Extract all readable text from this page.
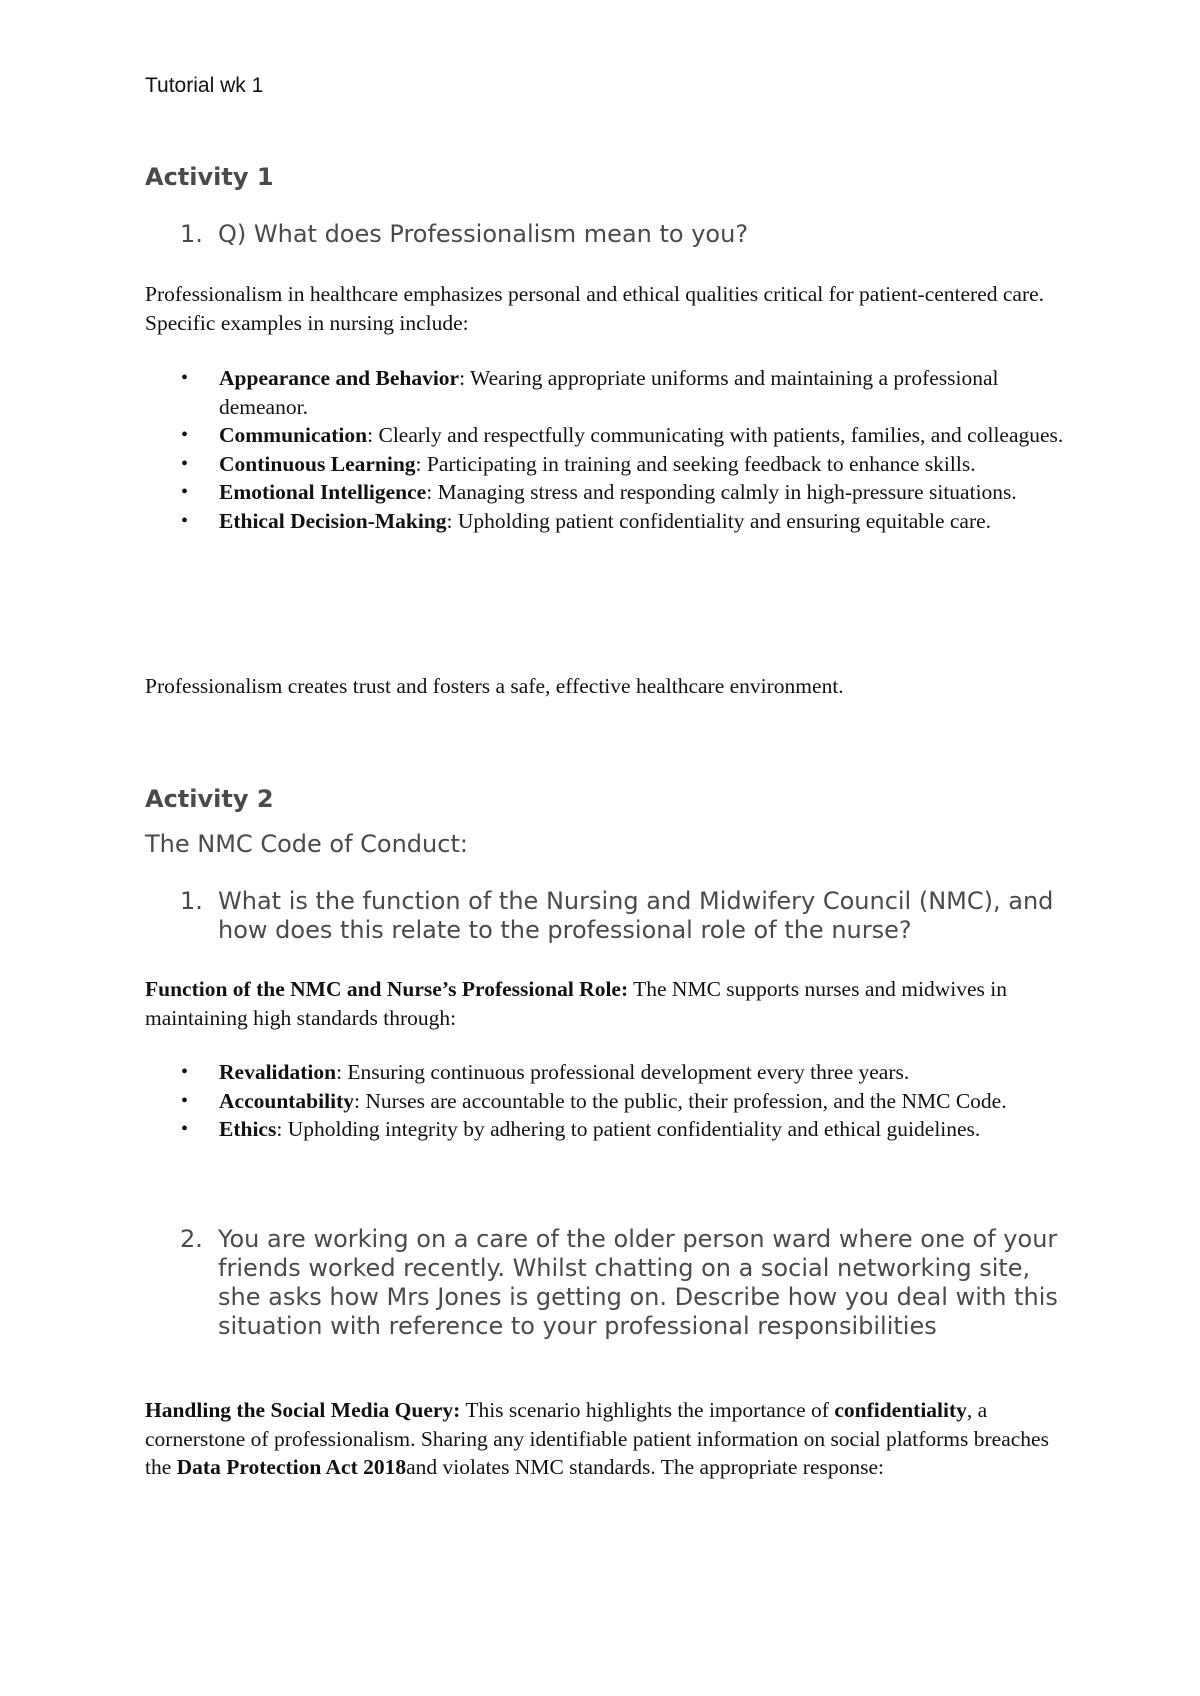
Tutorial wk 1
Activity 1
1. Q) What does Professionalism mean to you?

Professionalism in healthcare emphasizes personal and ethical qualities critical for patient-centered care. Specific examples in nursing include:

• Appearance and Behavior: Wearing appropriate uniforms and maintaining a professional demeanor.
• Communication: Clearly and respectfully communicating with patients, families, and colleagues.
• Continuous Learning: Participating in training and seeking feedback to enhance skills.
• Emotional Intelligence: Managing stress and responding calmly in high-pressure situations.
• Ethical Decision-Making: Upholding patient confidentiality and ensuring equitable care.

Professionalism creates trust and fosters a safe, effective healthcare environment.

Activity 2
The NMC Code of Conduct:
1. What is the function of the Nursing and Midwifery Council (NMC), and how does this relate to the professional role of the nurse?

Function of the NMC and Nurse’s Professional Role: The NMC supports nurses and midwives in maintaining high standards through:

• Revalidation: Ensuring continuous professional development every three years.
• Accountability: Nurses are accountable to the public, their profession, and the NMC Code.
• Ethics: Upholding integrity by adhering to patient confidentiality and ethical guidelines.
2. You are working on a care of the older person ward where one of your friends worked recently. Whilst chatting on a social networking site, she asks how Mrs Jones is getting on. Describe how you deal with this situation with reference to your professional responsibilities

Handling the Social Media Query: This scenario highlights the importance of confidentiality, a cornerstone of professionalism. Sharing any identifiable patient information on social platforms breaches the Data Protection Act 2018and violates NMC standards. The appropriate response:
